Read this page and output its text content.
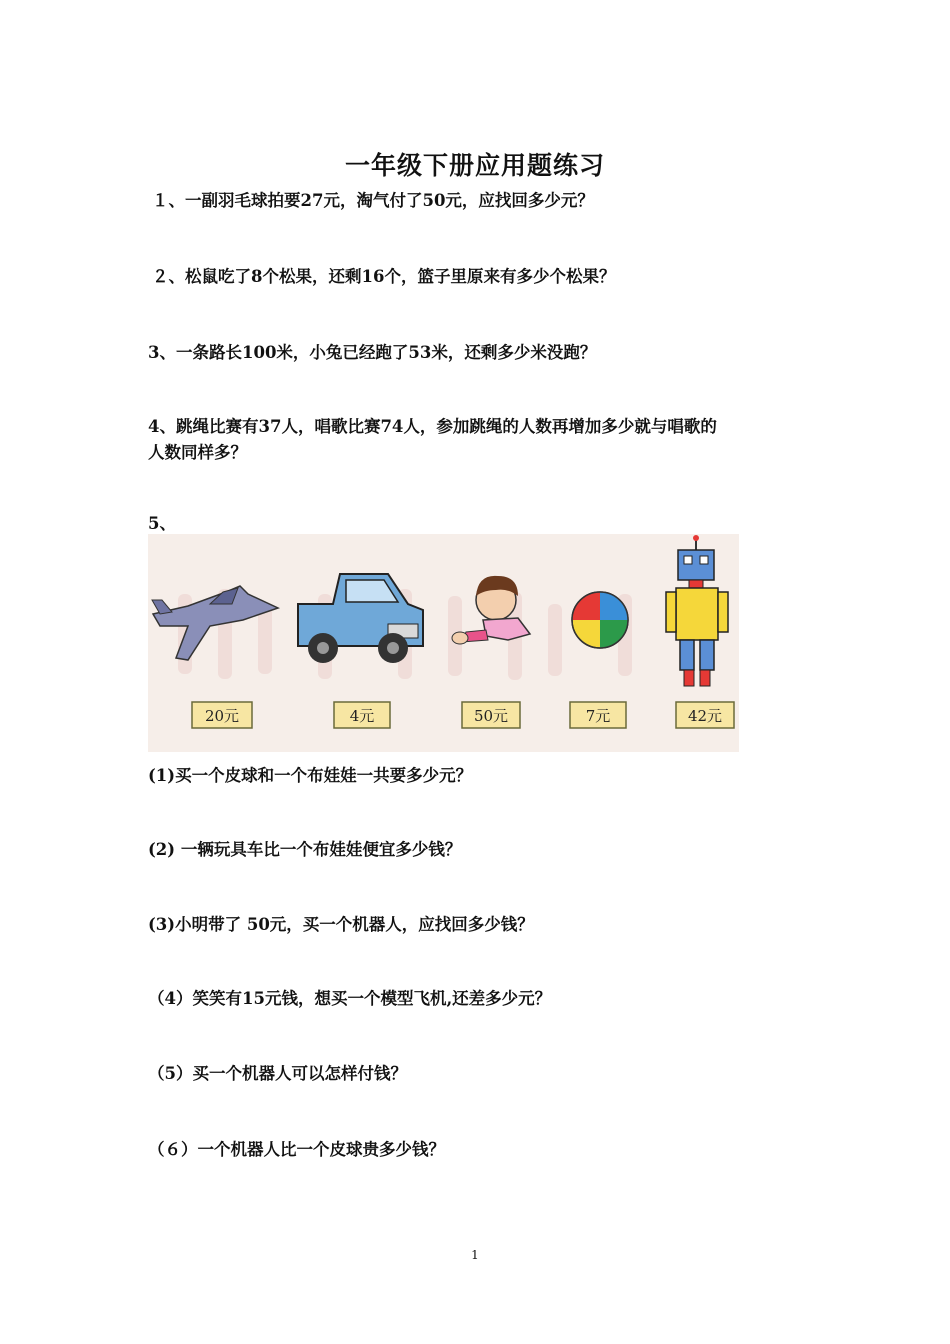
一年级下册应用题练习
１、一副羽毛球拍要27元，淘气付了50元，应找回多少元？
２、松鼠吃了8个松果，还剩16个，篮子里原来有多少个松果？
3、一条路长100米，小兔已经跑了53米，还剩多少米没跑？
4、跳绳比赛有37人，唱歌比赛74人，参加跳绳的人数再增加多少就与唱歌的
人数同样多？
5、
20元	4元	50元	7元	42元
(1)买一个皮球和一个布娃娃一共要多少元？
(2) 一辆玩具车比一个布娃娃便宜多少钱？
(3)小明带了 50元，买一个机器人，应找回多少钱？
（4）笑笑有15元钱，想买一个模型飞机,还差多少元？
（5）买一个机器人可以怎样付钱？
（６）一个机器人比一个皮球贵多少钱？
1
